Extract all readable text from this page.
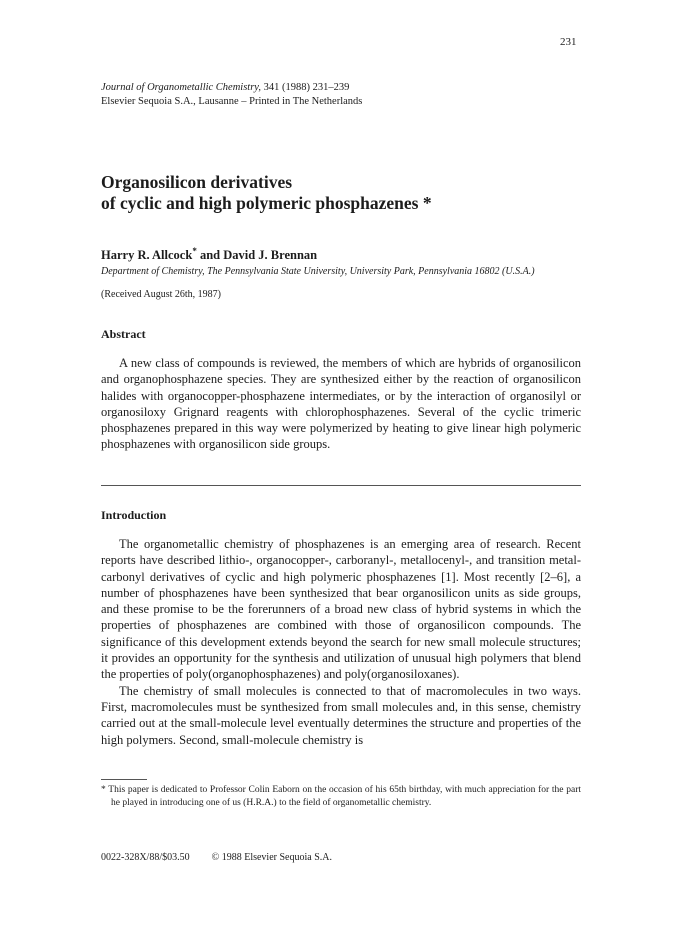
231
Journal of Organometallic Chemistry, 341 (1988) 231–239
Elsevier Sequoia S.A., Lausanne – Printed in The Netherlands
Organosilicon derivatives
of cyclic and high polymeric phosphazenes *
Harry R. Allcock* and David J. Brennan
Department of Chemistry, The Pennsylvania State University, University Park, Pennsylvania 16802 (U.S.A.)
(Received August 26th, 1987)
Abstract

A new class of compounds is reviewed, the members of which are hybrids of organosilicon and organophosphazene species. They are synthesized either by the reaction of organosilicon halides with organocopper-phosphazene intermediates, or by the interaction of organosilyl or organosiloxy Grignard reagents with chlorophosphazenes. Several of the cyclic trimeric phosphazenes prepared in this way were polymerized by heating to give linear high polymeric phosphazenes with organosilicon side groups.

Introduction

The organometallic chemistry of phosphazenes is an emerging area of research. Recent reports have described lithio-, organocopper-, carboranyl-, metallocenyl-, and transition metal-carbonyl derivatives of cyclic and high polymeric phosphazenes [1]. Most recently [2–6], a number of phosphazenes have been synthesized that bear organosilicon units as side groups, and these promise to be the forerunners of a broad new class of hybrid systems in which the properties of phosphazenes are combined with those of organosilicon compounds. The significance of this development extends beyond the search for new small molecule structures; it provides an opportunity for the synthesis and utilization of unusual high polymers that blend the properties of poly(organophosphazenes) and poly(organosiloxanes).

The chemistry of small molecules is connected to that of macromolecules in two ways. First, macromolecules must be synthesized from small molecules and, in this sense, chemistry carried out at the small-molecule level eventually determines the structure and properties of the high polymers. Second, small-molecule chemistry is

* This paper is dedicated to Professor Colin Eaborn on the occasion of his 65th birthday, with much appreciation for the part he played in introducing one of us (H.R.A.) to the field of organometallic chemistry.
0022-328X/88/$03.50 © 1988 Elsevier Sequoia S.A.
